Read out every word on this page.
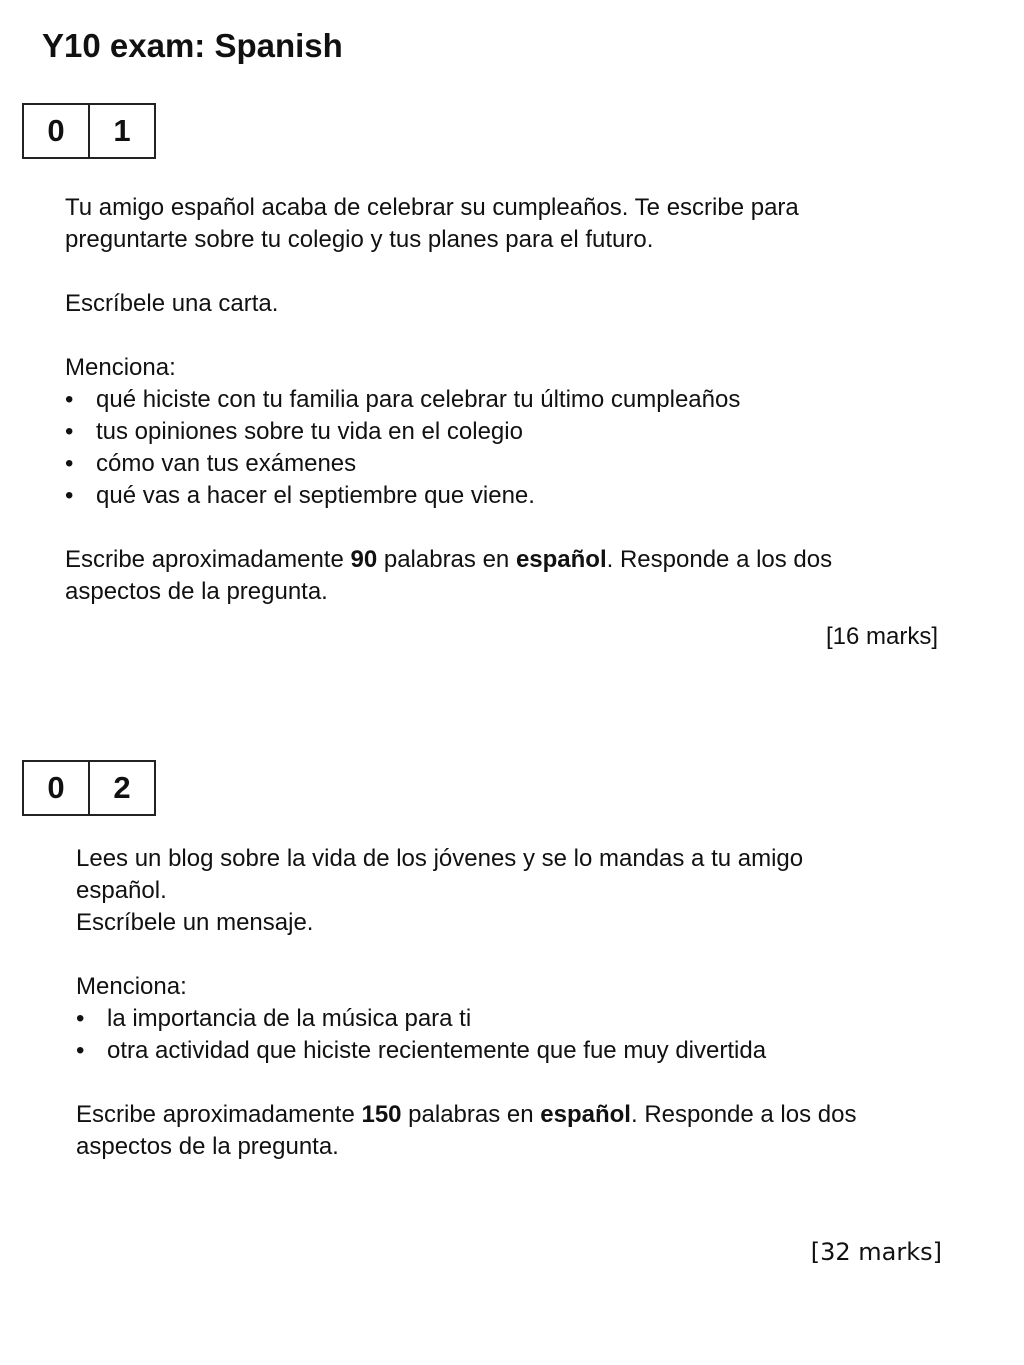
Y10 exam: Spanish
0	1

Tu amigo español acaba de celebrar su cumpleaños. Te escribe para

preguntarte sobre tu colegio y tus planes para el futuro.

Escríbele una carta.

Menciona:

• qué hiciste con tu familia para celebrar tu último cumpleaños
• tus opiniones sobre tu vida en el colegio
• cómo van tus exámenes
• qué vas a hacer el septiembre que viene.

Escribe aproximadamente 90 palabras en español. Responde a los dos

aspectos de la pregunta.

[16 marks]
0	2

Lees un blog sobre la vida de los jóvenes y se lo mandas a tu amigo

español.

Escríbele un mensaje.

Menciona:

• la importancia de la música para ti
• otra actividad que hiciste recientemente que fue muy divertida

Escribe aproximadamente 150 palabras en español. Responde a los dos

aspectos de la pregunta.

[32 marks]
